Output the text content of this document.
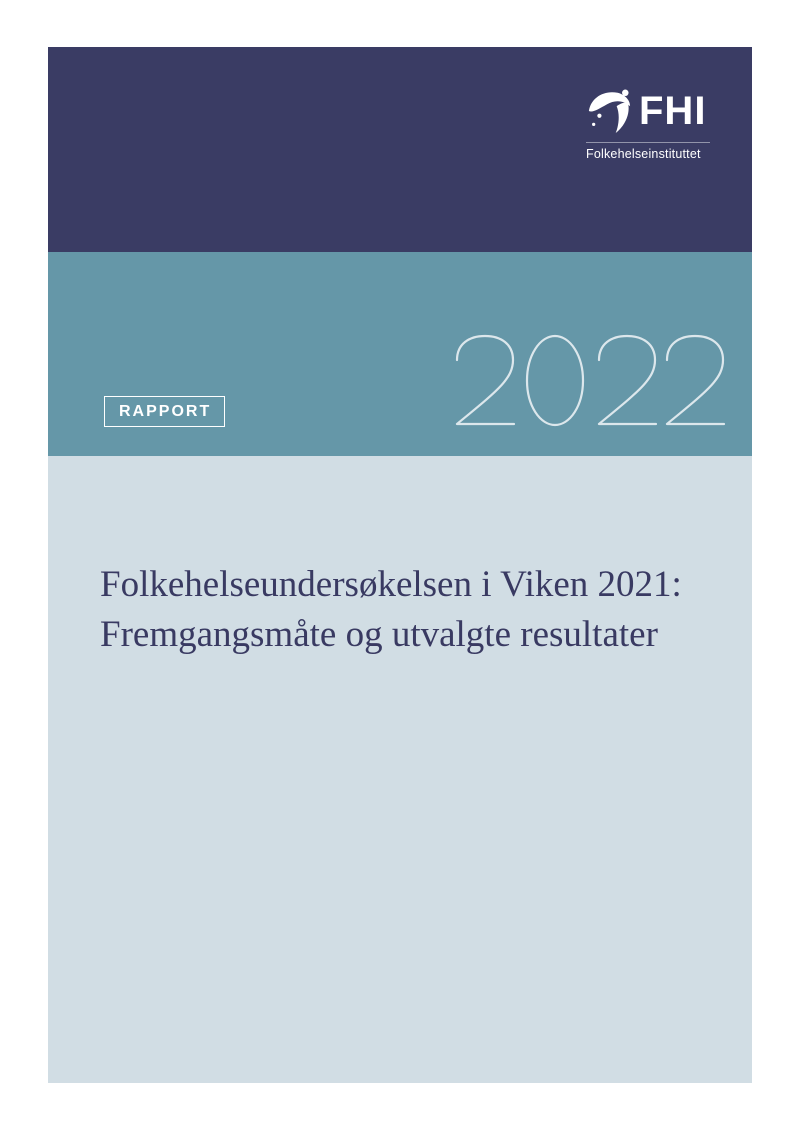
FHI
Folkehelseinstituttet
RAPPORT
Folkehelseundersøkelsen i Viken 2021:
Fremgangsmåte og utvalgte resultater
